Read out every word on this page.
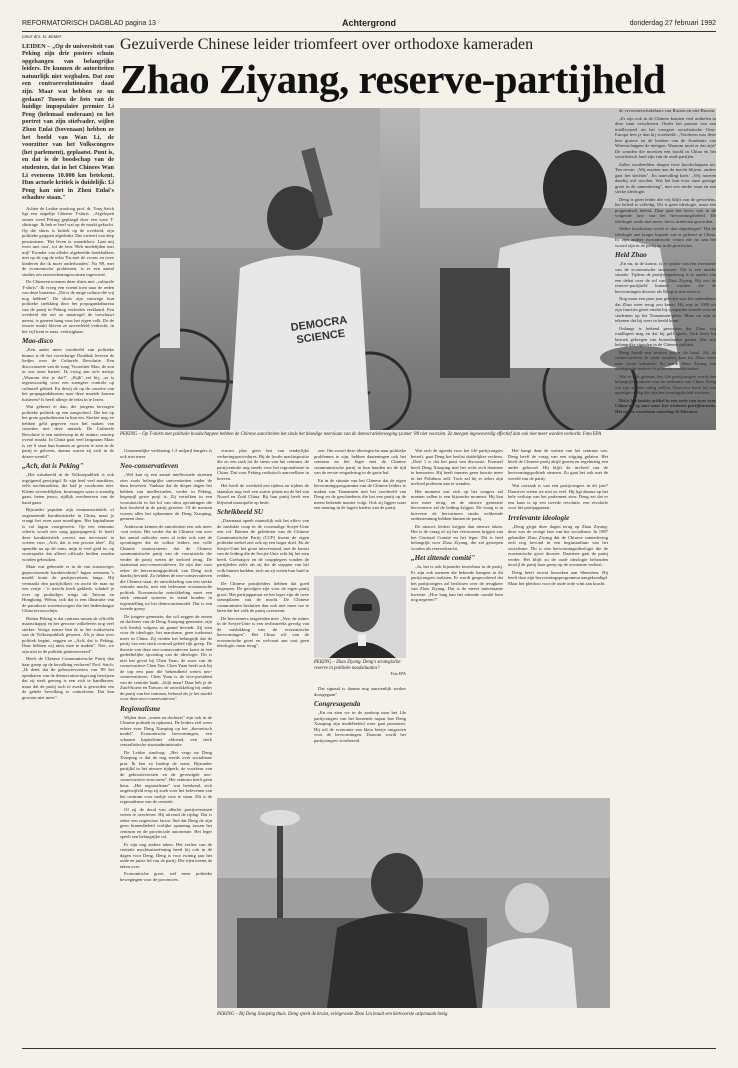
REFORMATORISCH DAGBLAD pagina 13	Achtergrond	donderdag 27 februari 1992
Gezuiverde Chinese leider triomfeert over orthodoxe kameraden
Zhao Ziyang, reserve-partijheld
Door drs. B. Belder
LEIDEN – „Op de universiteit van Peking zijn drie posters schuin opgehangen van belangrijke leiders. De kunnen de autoriteiten natuurlijk niet weghalen. Dat zou een contrarevolutionaire daad zijn. Maar wat hebben ze nu gedaan? Tussen de foto van de huidige impopulaire premier Li Peng (helemaal onderaan) en het portret van zijn stiefvader, wijlen Zhou Enlai (bovenaan) hebben ze het boeld van Wan Li, de voorzitter van het Volkscongres (het parlement), geplaatst. Punt is, en dat is de boodschap van de studenten, dat in het Chinees Wan Li eveneens 10.000 km betekent. Hun actuele kritiek is duidelijk: Li Peng kan niet in Zhou Enlai's schaduw staan."

Achter de Leidse sinoloog prof. dr. Tony Saich ligt een stapeltje Chinese T-shirts. „Afgelopen zomer werd Peking geplaagd door een ware T-shirtrage. Ik heb er heel wat op de markt gekocht. Op die shirts is kritiek op de overheid, zijn politieke grappen afgedrukt. Dat varieert van diep pessimisme, 'Het leven is waardeloos. Laat mij even met rust', tot de leus 'Heb medelijden met mij!' Eronder van alledei afgebeelde honkbalkers met op de rug de tekst 'En met de vrouw en twee kinderen die ik moet onderhouden'. Na '89, met de economische problemen, is er een aantal studies om ontoerekeningsvormen ingevoerd.

De Chinezen noemen deze shirts met „culturele T-shirts". Ik vroeg een vriend toen naar de reden van deze bonanza: „Dit is de enige cultuur die wij nog hebben". De shirts zijn vanwege hun politieke strekking door het propagandabureau van de partij in Peking verboden verklaard. Een overheid die net zo maatregel de toeschuwt neemt, is geneen bang voor het eigen volk. De de zwarte markt bleven ze onverdeeld verkocht, in het vijf kent er naas, verkrijgbaar.

Mao-disco

„Een ander meer voorbeeld van politieke humor is de het voortdurige Doubluk leveren de liedjes over de Culturele Revolutie. Een discocassette van de song 'Voorzitter Mao, de zon in ons onze harten'. Ik vroeg aan zo'n meisje „Waarom doe je dat?". „Kijk" zei hij, „er is tegenwoordig weer een strengere controle op cultuurel gebied. En dewij de op de cassette van het propagandabureau naar deze muziek komen luisteren? Is heeft allesje de tekst in te lezen.

Wat gebeurt er dan, die jongens bevorgen politieke politiek op een zangschool. Die het op het grote gradsnheroen in hun ees. Sterker nog, ze hebben geld gegeven voor het maken van cassettes met deze muziek. De Culturele Revolutie is een onderwerp in de ruimte, onwerp overal maakt. In China gaat veel langzaam Maar is vre 6 staat hun kunnen ze gewen te zien in de partij te geloven, daarna waren zij zich in de dosen-wereld".

„Ach, dat is Peking"

„Het uitsubeeld in de Volksrepubliek is ook ingrijpend gewijzigd. Er zijn heel veel marikten, zelfs nachtmarkten, die kad je voorboren niet. Kleine zevendelijken, kruesingen waar u zonodig gaan, beten jenzo, rijdlijk overheersen van de hand gaan.

Bijzonder populair zijn eenmanswinkels of zogenoemde karakteristieke in China, maar je vraagt het even naar moeiligen. Het kapitalisme is vol lagun voorgeweest. Op een eenmans scherts wordt een song gepropageerd. Je heeft deze karakteristiek correct aan nerveuzer te voeren voor „Ach, dat is een private idee". Zij spendde na op de tram, mijn te veel geld in, op voortsprake dat allerei officiale bedien zouden worden gebruiken.

Maar wat gebeurde er in de van staatsweger geprocessende karaktershirts? Ingen zeeanem 's moeld komt de partijsecretaris langs. Hij vermaakt den partijfolkers en zocht de man na een vertje - 'n terecht heeft gekleek, schakel je over op prohuikjes songs uit Taiwan en Hongkong. Welnu, ook dat is een illustratie van de paradoxie sowenstwogen die het hedendaagse China tevoorschijn.

Buiten Peking is dat contrast tussen de officiële maatschappij en het gewone volkeleven nog veel sterker. Vorige zomer ben ik in het zuidwesten van de Volksrepubliek geweest. Als je daar over politiek begint, zeggen ze „Ach, dat is Peking. Daar hebben wij niets mee te maken". Nee, we zijn niet in de politiek geinteresseerd".

Heeft de Chinese Communistische Partij dan haar greep op de bevolking verloren? Prof. Saich: „Ik denk dat de geboortevorsten van '89 het openbaren van de democratiseringsvaag bewijzen dat zij sterk genoeg is een zich te handhaven, maar dat de partij toch te zwak is geworden om de gehele bevolking te controleren. Dat kan gewoon niet meer".

DEMOCRA SCIENCE
PEKING – Op T-shirts met politieke boodschappen hebben de Chinese autoriteiten het sinds het bloedige neerslaan van de democratiebeweging (zomer '89 niet voorzien. Ze meegen ingewoverdig effectief dan ook niet meer worden verkocht. Foto EPA

Gezamenlijke verklaring 1,3 miljard burgers is ook niet meer.

Neo-conservatieven

„Wel kan rij een aantal intellectuele stromen zien zoals belangrijke universiteiten onder de dam bewezen. Vanhaar dat de dieper dagen het hebben van intellectuelen, verder in Peking, begrepijl gewe proji is. Zij vertolken in een vooruitzicht in het lof van ultra opvattingen die hun loosheid in de partij gesetert. Of de mensen voeren alles het opkommer de Deng Xiaoping, gemeen door.

Andersom kennen de autoriteiten een ook meer -wat weten. Het verder dat de Chinese van over het aantal radicaler weer al ieder ook niet de opvattingen die de volkse leiders een volle Chinese staatssysteem dat de Chinese communistische partij van de vooruitzicht die verder de partij weten de invloed terug. De staatsman neo-conservatieven. Ze zijn dan voor zeker de hervormingspolitiek van Deng zich daarbij bevindt. Zo hebben de neo-conservatieven die Chinese staat, de ontwikkeling van een sterke centrale macht, met een bekwame economische politiek. Economische ontwikkeling moet een sterk centraal systeem in stand houden in tegenstelling tot het democratiemodel. Dat is een tweede groep.

De jongere generatie, dat wil zeggen de zonen en dochters van de Deng Xiaoping-generatie, zijn ook hierbij volgens uit gaand bevindt. Zij zien voor de ideologie, het marxisme, geen toekomst meer in China. Zij vinden het belangrijk dat de partij van een sterk centraal geleid rijk greep. De theorie van deze neo-conservatieven komt in een gedeeltelijke opvatting van de ideologie. Dit is niet het geval bij Chen Yuan, de zoon van de conservatieve Chen Yun. Chen Yuan heeft ook bij de top een paar die bekendheid weten neo-conservatieven. Chen Yuan is de vice-president van de centrale bank. „Kijk maar! Daar heb je de Zuid-Korea en Taiwan; de ontwikkeling bij onder de partij van het centrum, behoud als je het model voor deze neo-conservatieven".

Regionalisme

Wijlen deze „zonen en dochters" zijn ook in de Chinese politiek in opkomst. De leiders zelf wees echter voor Deng Xiaoping op het „theoretisch model". Economische hervormingen, een schaamt kapitalisme afdoend, een sterk centralistische staatsadministratie.

De Leidse sinoloog: „Het vergt na Deng Xiaoping is dat de nog steeds over socialisme prat. Ik ben zo hardop de soms. Bijzonder partijlid in het nieuwe tijdperk: de voorkeur van de geboortevorsten en de gevestigde neo-conservatieve structuren". Het centrum heeft geen keus. „Het regionalisme" wat betekend, zich ongetwijfeld erop zij zoek voor het belevenen van het centrum voor mokje voor te staan. Dit is de regionalisme van de centrale.

Of zij de dood van allerlei partijveteranen weten te overleven. Hij uitvond de rijdag. Dat is zeker een ongewisse factor. Stel dat Deng de zijn geen binnenbeleid vrolijke spanning tussen het centrum en de provinciale autonomie. Het leger speelt een belangrijke rol.

Er zijn nog andere taken. Het verlies van de centrale machtsuitoefening heeft hij ook in de dagen voor Deng. Deng is voor twintig jaar het oude en juiste lid van de partij. Die rijen neemt de taken over.

Economische groei, wel meer politieke bewegingen voor de provincies.

vincies plus geen last van tenderlijke verkeringsprocedures. Bij de locale machtspositie die zo een taak tot de steun van het centrum, de partijcentrale nog steeds voor het regionalisme in China. Dat voor Peking realistisch aanvoelbare in hoeven.

Het heeft de overheid een tijdens en tijdens de staatskas nog veel een zuiver plaats nu de hel van Noord en Zuid China. Bij hun partij heeft een blijvend monopolie op bezit.

Schrikbeeld SU

„Daarnaast speelt natuurlijk ook het effect van de mislukte coup in de voormalige Sovjet-Unie een rol. Binnen de gelederen van de Chinese Communistische Partij (CCP) kwam de eigen politieke stelsel ziet ook op een hoger doel. En de Sovjet-Unie het grote misverstand, met de komst van de leiding die de Sovjet-Unie echt bij het zien heeft. Gorbatsjov en de coupplegers vonden de partijleden zelfs als zij die de stappen van het volk binnen hadden, toch nu zij weten hun huid te redden.

De Chinese partijleiders hebben dat goed begrepen. De gevolgen zijn voor de eigen partij groot. Het partijapparaat en het leger zijn de twee steunpilaren van de macht. De Chinese communisten besluiten dan ook niet meer toe te laten dat het volk de partij overstemt.

De hervormers reageerden met: „Nee, de ruïnes in de Sovjet-Unie is een rechtstreeks gevolg van de mislukking van de economische hervormingen". Het China wil van de economische groei en welvaart aan vast geen ideologie, maar terug".

zen. Om zowel deze ideologische naar politieke problemen te zijn, hebben daarentegen ook het centrum en het leger met de Chinese communistische partij in hun handen nu de tijd van de eerste vergadering in de grote hal.

En in de situatie van het Chinese dat de eigen hervormingsprogramma van de Chinese leiders te maken van Tiananmen met het voorbeeld van Deng en de geschiedenis die het een partij op de meest bekende manier volgt. Ook zij liggen waar een mening in de lagere kaders van de partij.

PEKING – Zhao Ziyang. Deng's strategische reserve in politieke noodsituaties?
Foto EPA

Dat signaal is daarna nog aanzienlijk sterker doorgegaan".

Congresagenda

„En nu zien we in de aanloop naar het 14e partijcongres van het komende najaar hoe Deng Xiaoping zijn modelbeleid weer gaat promoten. Hij wil de economie een klein beetje omgooien voor de hervormingen. Daarom wordt het partijcongres voorbereid.

Wat zich de agenda voor het 14e partijcongres betreft, gaat Deng het beslist duidelijker vechten. „Deel 1 is dat het punt van discussie. Formeel heeft Deng Xiaoping niet het recht zich daarmee te bemoeien. Hij heeft immers geen functie meer in het Politburo zelf. Toch zal hij er zeker zijn invloed proberen aan te wenden.

Het moment wat zich op het congres zal moeten vallen is een bijzonder moment. Hij kan niet meer terug; en de nieuwe generatie hervormers zal de leiding krijgen. De vraag is in hoeverre de hervormers straks voldoende ondersteuning hebben binnen de partij.

De nieuwe leiders krijgen dan nieuwe taken. Het is de vraag of zij het vertrouwen krijgen van het Centraal Comité en het leger. Dit is heel belangrijk voor Zhao Ziyang, die zal geroepen worden als reservekracht.

„Het zittende comité"

„Ja, het is ook bijzonder kwetsbaar in de partij. Er zijn ook mensen die bekende kampen in dit partijcongres toelaten. Er wordt gespeculeerd dat het partijcongres zal beslissen over de terugkeer van Zhao Ziyang. Dat is de meest interessante kwestie: „Hoe lang kan het zittende comité hem nog negeren?"

Het hangt daar de wetten van het centrum van. Deng heeft de vraag van een stijging gelaten. Het heeft de Chinese partij altijd gezien en regelmatig een ander gehoord. Hij blijft de invloed van de hervormingspolitiek steunen. Zo gaat het ook met de wereld van de partij.

Wat oorzaak is van een partijcongres in dit jaar? Daarover weten we niet zo veel. Hij ligt daarna op het hele verloop van het parlement zien: Deng zei dat er een kans is op een tweede revolutie, een revolutie voor het partijapparaat.

Irrelevante ideologie

„Deng grijpt deze dagen terug op Zhao Ziyang: deze was de vroege fase van het socialisme. In 1987 gebruikte Zhao Ziyang dat de Chinese samenleving zich nog bevond in een beginstadium van het socialisme. Dit is een hervormingsideologie die de economische groei doorzet. Daarmee gaat de partij verder. Het blijft zo de oude ideologie behouden terwijl de partij haar greep op de economie verliest.

Deng heeft recent bezoeken aan Shenzhen. Hij heeft daar zijn hervormingsprogramma aangekondigd. Maar het pleidooi voor de oude orde wint aan kracht.

de verwesterschakelaars van Russen en niet-Russen.

„Er zijn ook in de Chinese kranten veel artikelen in deze trant verschenen. Onder het partout van een intellectueel uit het vroegere socialistische Oost-Europa lees je dan bij voorbeeld: „Voorheen was deze hier grotere en de boeken van de Academie van Wetenschappen de nietigen. Waarom moet er dat zijn? De wonden die moesten een hoofd in China en het socialistisch land zijn van de oude partijen.

Zulke voorbeelden dragen twee boodschappen uit. Ten eerste: „Wij moeten aan de macht blijven, anders gaat het slechter". En aanvulling hiert: „Wij moeten daarbij wel ravolen. Wat het kan voor onze gestage groei in de samenleving", met een sterke staat en een sterke ideologie.

Deng is geen leider die vrij blijft van de gevoelens, het beleid is volledig. Dit is geen ideologie, maar een pragmatisch beleid. Daar gaat het heen, ook in de volgende fase van het hervormingsbeleid. De ideologie werkt niet meer; het is irrelevant geworden.

Welke boodschap wordt er dan uitgedragen? Dat de ideologie niet langer bepaalt wat er gebeurt in China. Er zijn andere economische centra die nu aan het woord zijn in de partij en in de provincies.

Held Zhao

„En nu, in de komst, is er sprake van een overname van de economische structuren. Dit is een unieke situatie. Tijdens de partijvergadering is er sprake van een debat over de rol van Zhao Ziyang. Hij zou de reserve-partijheld kunnen worden die de hervormingen doorzet als Deng er niet meer is.

Nog maar een paar jaar geleden was het ondenkbaar dat Zhao weer terug zou keren. Hij was in 1989 uit zijn functies gezet omdat hij sympathie toonde voor de studenten op het Tiananmen-plein. Maar nu zijn er tekenen dat hij weer in beeld komt.

Onlangs is bekend geworden dat Zhao vrij rondlopen mag en dat hij golf speelt. Ook heeft hij bezoek gekregen van buitenlandse gasten. Dat zijn belangrijke signalen in de Chinese politiek.

Deng houdt een reserve achter de hand. Als de conservatieven te sterk worden, kan hij Zhao weer naar voren schuiven. Zo wordt Zhao Ziyang een strategische reserve in politieke noodsituaties.

Wat er ook gebeurt, het 14e partijcongres wordt een belangrijk moment voor de toekomst van China. Deng wil zijn erfenis veilig stellen. Daarvoor heeft hij een opvolger nodig die zijn hervormingsbeleid voortzet.

Dit is het laatste artikel in een serie van twee over China na vg moe naar het westerse partijbureaus. Het eerste verscheen zaterdag 22 februari.

PEKING – Bij Deng Xiaoping thuis. Deng spreit de kruist, ecitigevoste Zhao Lin houdt een kietvoorste azipenaam bezig.
